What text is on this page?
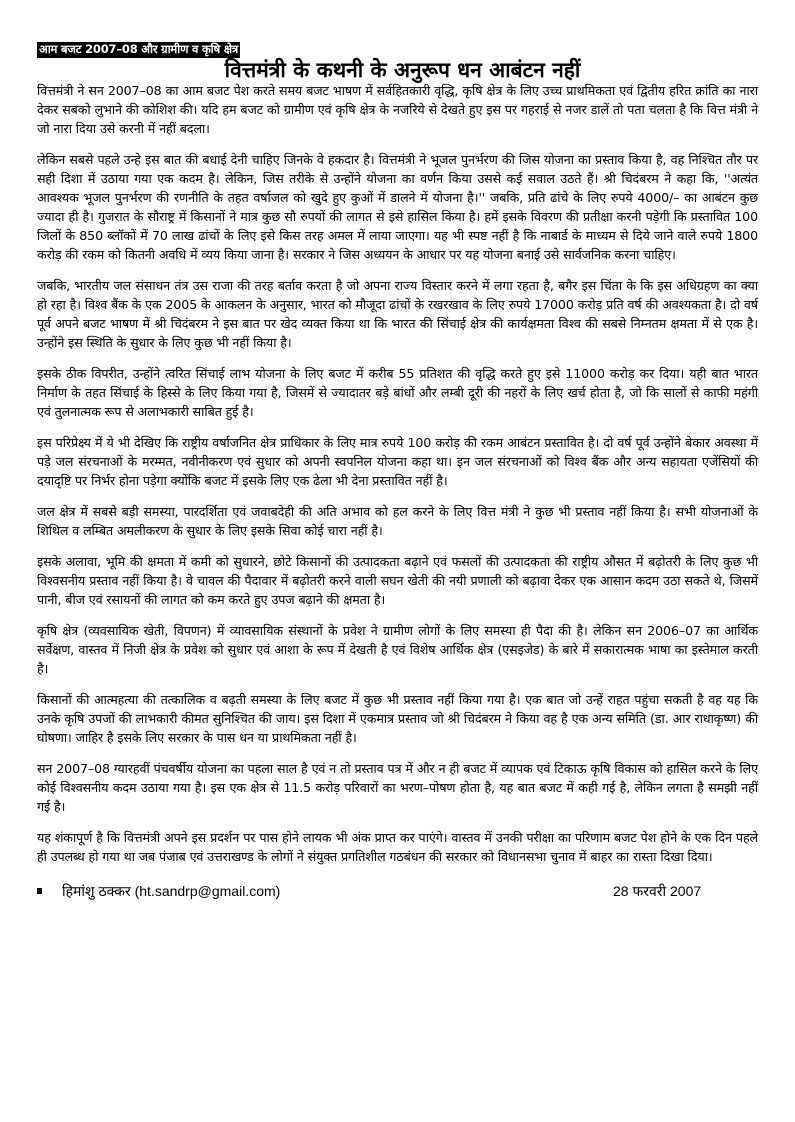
आम बजट 2007–08 और ग्रामीण व कृषि क्षेत्र
वित्तमंत्री के कथनी के अनुरूप धन आबंटन नहीं

वित्तमंत्री ने सन 2007–08 का आम बजट पेश करते समय बजट भाषण में सर्वहितकारी वृद्धि, कृषि क्षेत्र के लिए उच्च प्राथमिकता एवं द्वितीय हरित क्रांति का नारा देकर सबको लुभाने की कोशिश की। यदि हम बजट को ग्रामीण एवं कृषि क्षेत्र के नजरिये से देखते हुए इस पर गहराई से नजर डालें तो पता चलता है कि वित्त मंत्री ने जो नारा दिया उसे करनी में नहीं बदला।

लेकिन सबसे पहले उन्हे इस बात की बधाई देनी चाहिए जिनके वे हकदार है। वित्तमंत्री ने भूजल पुनर्भरण की जिस योजना का प्रस्ताव किया है, वह निश्चित तौर पर सही दिशा में उठाया गया एक कदम है। लेकिन, जिस तरीके से उन्होंने योजना का वर्णन किया उससे कई सवाल उठते हैं। श्री चिदंबरम ने कहा कि, ''अत्यंत आवश्यक भूजल पुनर्भरण की रणनीति के तहत वर्षाजल को खुदे हुए कुओं में डालने में योजना है।'' जबकि, प्रति ढांचे के लिए रुपये 4000/– का आबंटन कुछ ज्यादा ही है। गुजरात के सौराष्ट्र में किसानों ने मात्र कुछ सौ रुपयों की लागत से इसे हासिल किया है। हमें इसके विवरण की प्रतीक्षा करनी पड़ेगी कि प्रस्तावित 100 जिलों के 850 ब्लॉकों में 70 लाख ढांचों के लिए इसे किस तरह अमल में लाया जाएगा। यह भी स्पष्ट नहीं है कि नाबार्ड के माध्यम से दिये जाने वाले रुपये 1800 करोड़ की रकम को कितनी अवधि में व्यय किया जाना है। सरकार ने जिस अध्ययन के आधार पर यह योजना बनाई उसे सार्वजनिक करना चाहिए।

जबकि, भारतीय जल संसाधन तंत्र उस राजा की तरह बर्ताव करता है जो अपना राज्य विस्तार करने में लगा रहता है, बगैर इस चिंता के कि इस अधिग्रहण का क्या हो रहा है। विश्व बैंक के एक 2005 के आकलन के अनुसार, भारत को मौजूदा ढांचों के रखरखाव के लिए रुपये 17000 करोड़ प्रति वर्ष की अवश्यकता है। दो वर्ष पूर्व अपने बजट भाषण में श्री चिदंबरम ने इस बात पर खेद व्यक्त किया था कि भारत की सिंचाई क्षेत्र की कार्यक्षमता विश्व की सबसे निम्नतम क्षमता में से एक है। उन्होंने इस स्थिति के सुधार के लिए कुछ भी नहीं किया है।

इसके ठीक विपरीत, उन्होंने त्वरित सिंचाई लाभ योजना के लिए बजट में करीब 55 प्रतिशत की वृद्धि करते हुए इसे 11000 करोड़ कर दिया। यही बात भारत निर्माण के तहत सिंचाई के हिस्से के लिए किया गया है, जिसमें से ज्यादातर बड़े बांधों और लम्बी दूरी की नहरों के लिए खर्च होता है, जो कि सालों से काफी महंगी एवं तुलनात्मक रूप से अलाभकारी साबित हुई है।

इस परिप्रेक्ष्य में ये भी देखिए कि राष्ट्रीय वर्षाजनित क्षेत्र प्राधिकार के लिए मात्र रुपये 100 करोड़ की रकम आबंटन प्रस्तावित है। दो वर्ष पूर्व उन्होंने बेकार अवस्था में पड़े जल संरचनाओं के मरम्मत, नवीनीकरण एवं सुधार को अपनी स्वपनिल योजना कहा था। इन जल संरचनाओं को विश्व बैंक और अन्य सहायता एजेंसियों की दयादृष्टि पर निर्भर होना पड़ेगा क्योंकि बजट में इसके लिए एक ढेला भी देना प्रस्तावित नहीं है।

जल क्षेत्र में सबसे बड़ी समस्या, पारदर्शिता एवं जवाबदेही की अति अभाव को हल करने के लिए वित्त मंत्री ने कुछ भी प्रस्ताव नहीं किया है। सभी योजनाओं के शिथिल व लम्बित अमलीकरण के सुधार के लिए इसके सिवा कोई चारा नहीं है।

इसके अलावा, भूमि की क्षमता में कमी को सुधारने, छोटे किसानों की उत्पादकता बढ़ाने एवं फसलों की उत्पादकता की राष्ट्रीय औसत में बढ़ोतरी के लिए कुछ भी विश्वसनीय प्रस्ताव नहीं किया है। वे चावल की पैदावार में बढ़ोतरी करने वाली सघन खेती की नयी प्रणाली को बढ़ावा देकर एक आसान कदम उठा सकते थे, जिसमें पानी, बीज एवं रसायनों की लागत को कम करते हुए उपज बढ़ाने की क्षमता है।

कृषि क्षेत्र (व्यवसायिक खेती, विपणन) में व्यावसायिक संस्थानों के प्रवेश ने ग्रामीण लोगों के लिए समस्या ही पैदा की है। लेकिन सन 2006–07 का आर्थिक सर्वेक्षण, वास्तव में निजी क्षेत्र के प्रवेश को सुधार एवं आशा के रूप में देखती है एवं विशेष आर्थिक क्षेत्र (एसइजेड) के बारे में सकारात्मक भाषा का इस्तेमाल करती है।

किसानों की आत्महत्या की तत्कालिक व बढ़ती समस्या के लिए बजट में कुछ भी प्रस्ताव नहीं किया गया है। एक बात जो उन्हें राहत पहुंचा सकती है वह यह कि उनके कृषि उपजों की लाभकारी कीमत सुनिश्चित की जाय। इस दिशा में एकमात्र प्रस्ताव जो श्री चिदंबरम ने किया वह है एक अन्य समिति (डा. आर राधाकृष्ण) की घोषणा। जाहिर है इसके लिए सरकार के पास धन या प्राथमिकता नहीं है।

सन 2007–08 ग्यारहवीं पंचवर्षीय योजना का पहला साल है एवं न तो प्रस्ताव पत्र में और न ही बजट में व्यापक एवं टिकाऊ कृषि विकास को हासिल करने के लिए कोई विश्वसनीय कदम उठाया गया है। इस एक क्षेत्र से 11.5 करोड़ परिवारों का भरण–पोषण होता है, यह बात बजट में कही गई है, लेकिन लगता है समझी नहीं गई है।

यह शंकापूर्ण है कि वित्तमंत्री अपने इस प्रदर्शन पर पास होने लायक भी अंक प्राप्त कर पाएंगे। वास्तव में उनकी परीक्षा का परिणाम बजट पेश होने के एक दिन पहले ही उपलब्ध हो गया था जब पंजाब एवं उत्तराखण्ड के लोगों ने संयुक्त प्रगतिशील गठबंधन की सरकार को विधानसभा चुनाव में बाहर का रास्ता दिखा दिया।

हिमांशु ठक्कर (ht.sandrp@gmail.com)	28 फरवरी 2007
